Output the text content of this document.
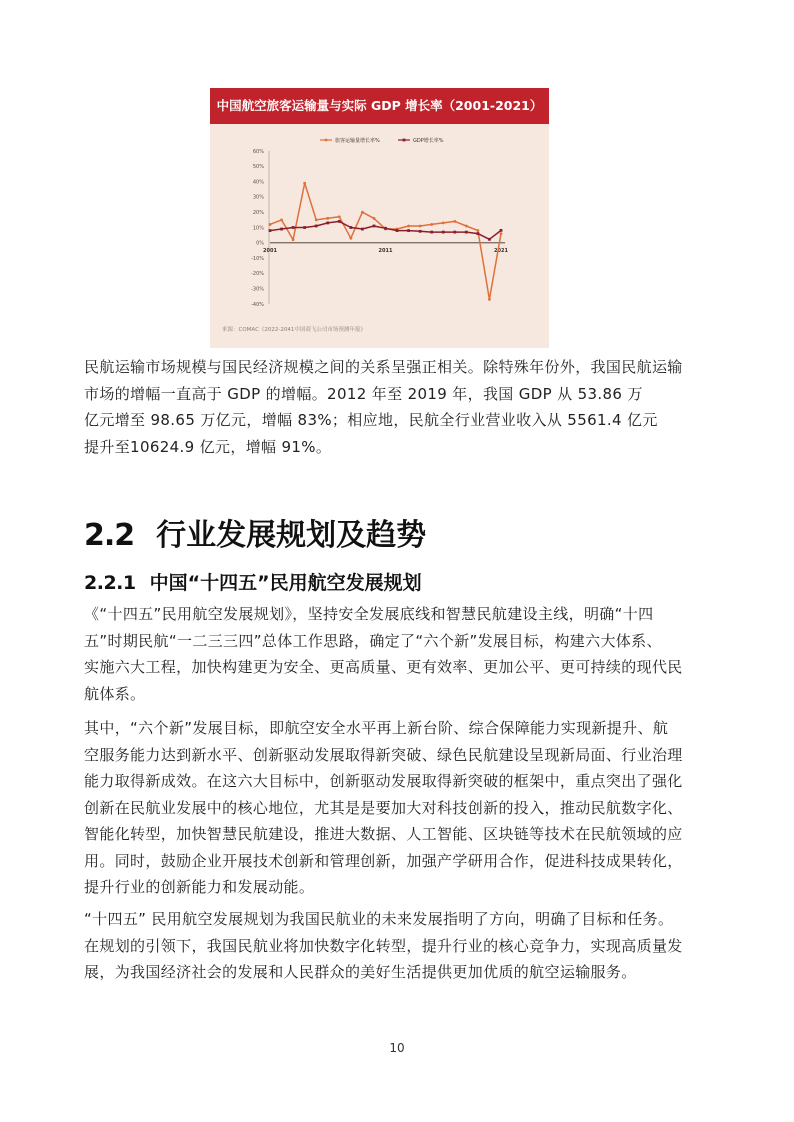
中国航空旅客运输量与实际 GDP 增长率（2001-2021）
60%
50%
40%
30%
20%
10%
0%
-10%
-20%
-30%
-40%
2001	2011	2021
旅客运输量增长率%	GDP增长率%
来源：COMAC《2022-2041中国商飞公司市场预测年报》
民航运输市场规模与国民经济规模之间的关系呈强正相关。除特殊年份外，我国民航运输
市场的增幅一直高于 GDP 的增幅。2012 年至 2019 年，我国 GDP 从 53.86 万
亿元增至 98.65 万亿元，增幅 83%；相应地，民航全行业营业收入从 5561.4 亿元
提升至10624.9 亿元，增幅 91%。
2.2 行业发展规划及趋势
2.2.1 中国“十四五”民用航空发展规划
《“十四五”民用航空发展规划》，坚持安全发展底线和智慧民航建设主线，明确“十四
五”时期民航“一二三三四”总体工作思路，确定了“六个新”发展目标，构建六大体系、
实施六大工程，加快构建更为安全、更高质量、更有效率、更加公平、更可持续的现代民
航体系。
其中，“六个新”发展目标，即航空安全水平再上新台阶、综合保障能力实现新提升、航
空服务能力达到新水平、创新驱动发展取得新突破、绿色民航建设呈现新局面、行业治理
能力取得新成效。在这六大目标中，创新驱动发展取得新突破的框架中，重点突出了强化
创新在民航业发展中的核心地位，尤其是是要加大对科技创新的投入，推动民航数字化、
智能化转型，加快智慧民航建设，推进大数据、人工智能、区块链等技术在民航领域的应
用。同时，鼓励企业开展技术创新和管理创新，加强产学研用合作，促进科技成果转化，
提升行业的创新能力和发展动能。
“十四五” 民用航空发展规划为我国民航业的未来发展指明了方向，明确了目标和任务。
在规划的引领下，我国民航业将加快数字化转型，提升行业的核心竞争力，实现高质量发
展，为我国经济社会的发展和人民群众的美好生活提供更加优质的航空运输服务。
10
